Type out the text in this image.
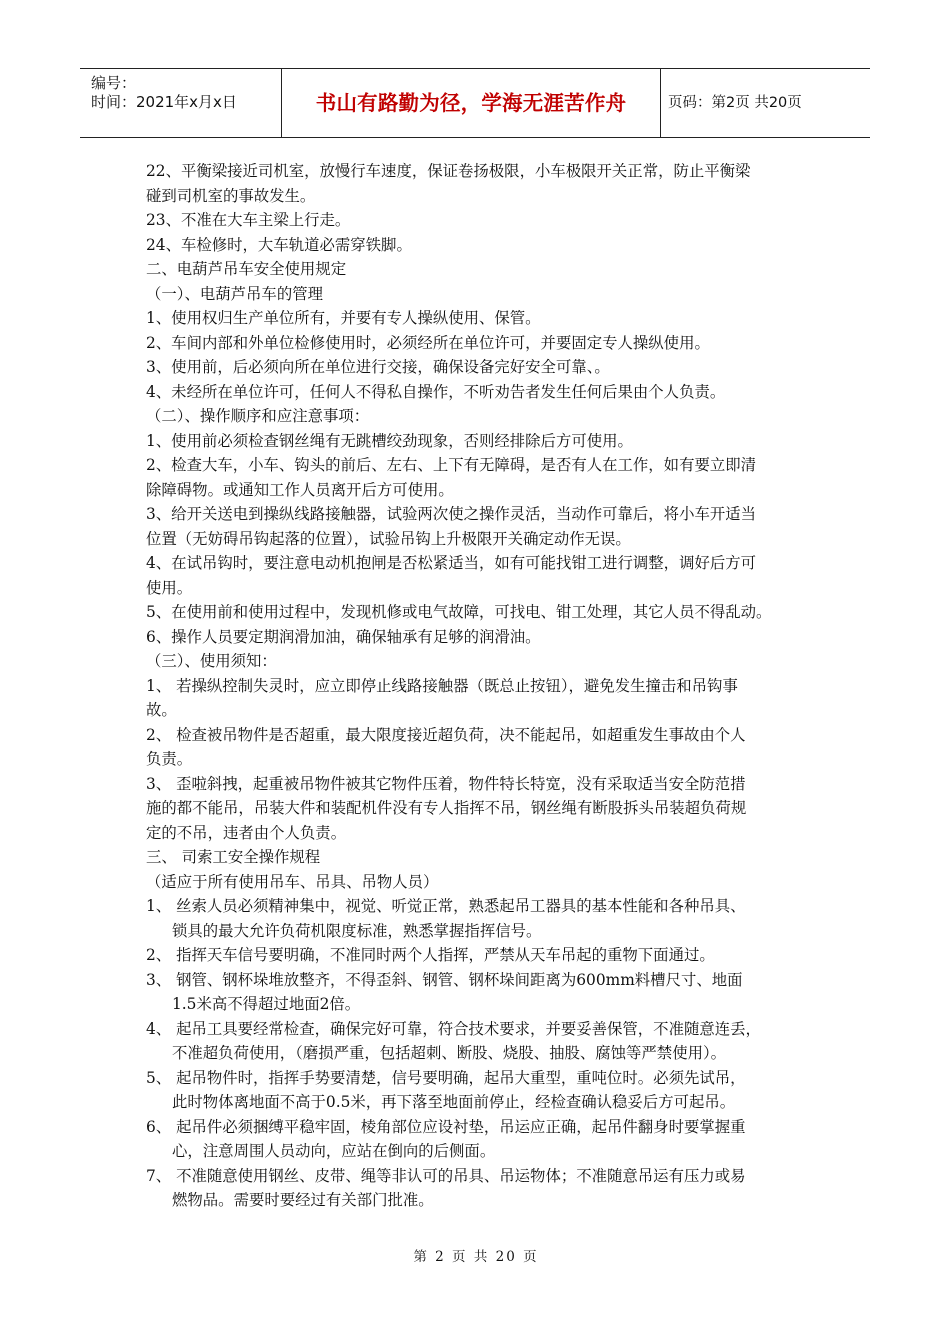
编号：
时间：2021年x月x日	书山有路勤为径，学海无涯苦作舟	页码：第2页 共20页

22、平衡梁接近司机室，放慢行车速度，保证卷扬极限，小车极限开关正常，防止平衡梁

碰到司机室的事故发生。

23、不准在大车主梁上行走。

24、车检修时，大车轨道必需穿铁脚。

二、电葫芦吊车安全使用规定

（一）、电葫芦吊车的管理

1、使用权归生产单位所有，并要有专人操纵使用、保管。

2、车间内部和外单位检修使用时，必须经所在单位许可，并要固定专人操纵使用。

3、使用前，后必须向所在单位进行交接，确保设备完好安全可靠、。

4、未经所在单位许可，任何人不得私自操作，不听劝告者发生任何后果由个人负责。

（二）、操作顺序和应注意事项：

1、使用前必须检查钢丝绳有无跳槽绞劲现象，否则经排除后方可使用。

2、检查大车，小车、钩头的前后、左右、上下有无障碍，是否有人在工作，如有要立即清

除障碍物。或通知工作人员离开后方可使用。

3、给开关送电到操纵线路接触器，试验两次使之操作灵活，当动作可靠后，将小车开适当

位置（无妨碍吊钩起落的位置），试验吊钩上升极限开关确定动作无误。

4、在试吊钩时，要注意电动机抱闸是否松紧适当，如有可能找钳工进行调整，调好后方可

使用。

5、在使用前和使用过程中，发现机修或电气故障，可找电、钳工处理，其它人员不得乱动。

6、操作人员要定期润滑加油，确保轴承有足够的润滑油。

（三）、使用须知：

1、 若操纵控制失灵时，应立即停止线路接触器（既总止按钮），避免发生撞击和吊钩事

故。

2、 检查被吊物件是否超重，最大限度接近超负荷，决不能起吊，如超重发生事故由个人

负责。

3、 歪啦斜拽，起重被吊物件被其它物件压着，物件特长特宽，没有采取适当安全防范措

施的都不能吊，吊装大件和装配机件没有专人指挥不吊，钢丝绳有断股拆头吊装超负荷规

定的不吊，违者由个人负责。

三、 司索工安全操作规程

（适应于所有使用吊车、吊具、吊物人员）

1、 丝索人员必须精神集中，视觉、听觉正常，熟悉起吊工器具的基本性能和各种吊具、

锁具的最大允许负荷机限度标准，熟悉掌握指挥信号。

2、 指挥天车信号要明确，不准同时两个人指挥，严禁从天车吊起的重物下面通过。

3、 钢管、钢杯垛堆放整齐，不得歪斜、钢管、钢杯垛间距离为600mm料槽尺寸、地面

1.5米高不得超过地面2倍。

4、 起吊工具要经常检查，确保完好可靠，符合技术要求，并要妥善保管，不准随意连丢，

不准超负荷使用，（磨损严重，包括超刺、断股、烧股、抽股、腐蚀等严禁使用）。

5、 起吊物件时，指挥手势要清楚，信号要明确，起吊大重型，重吨位时。必须先试吊，

此时物体离地面不高于0.5米，再下落至地面前停止，经检查确认稳妥后方可起吊。

6、 起吊件必须捆缚平稳牢固，棱角部位应设衬垫，吊运应正确，起吊件翻身时要掌握重

心，注意周围人员动向，应站在倒向的后侧面。

7、 不准随意使用钢丝、皮带、绳等非认可的吊具、吊运物体；不准随意吊运有压力或易

燃物品。需要时要经过有关部门批准。

第 2 页 共 20 页
